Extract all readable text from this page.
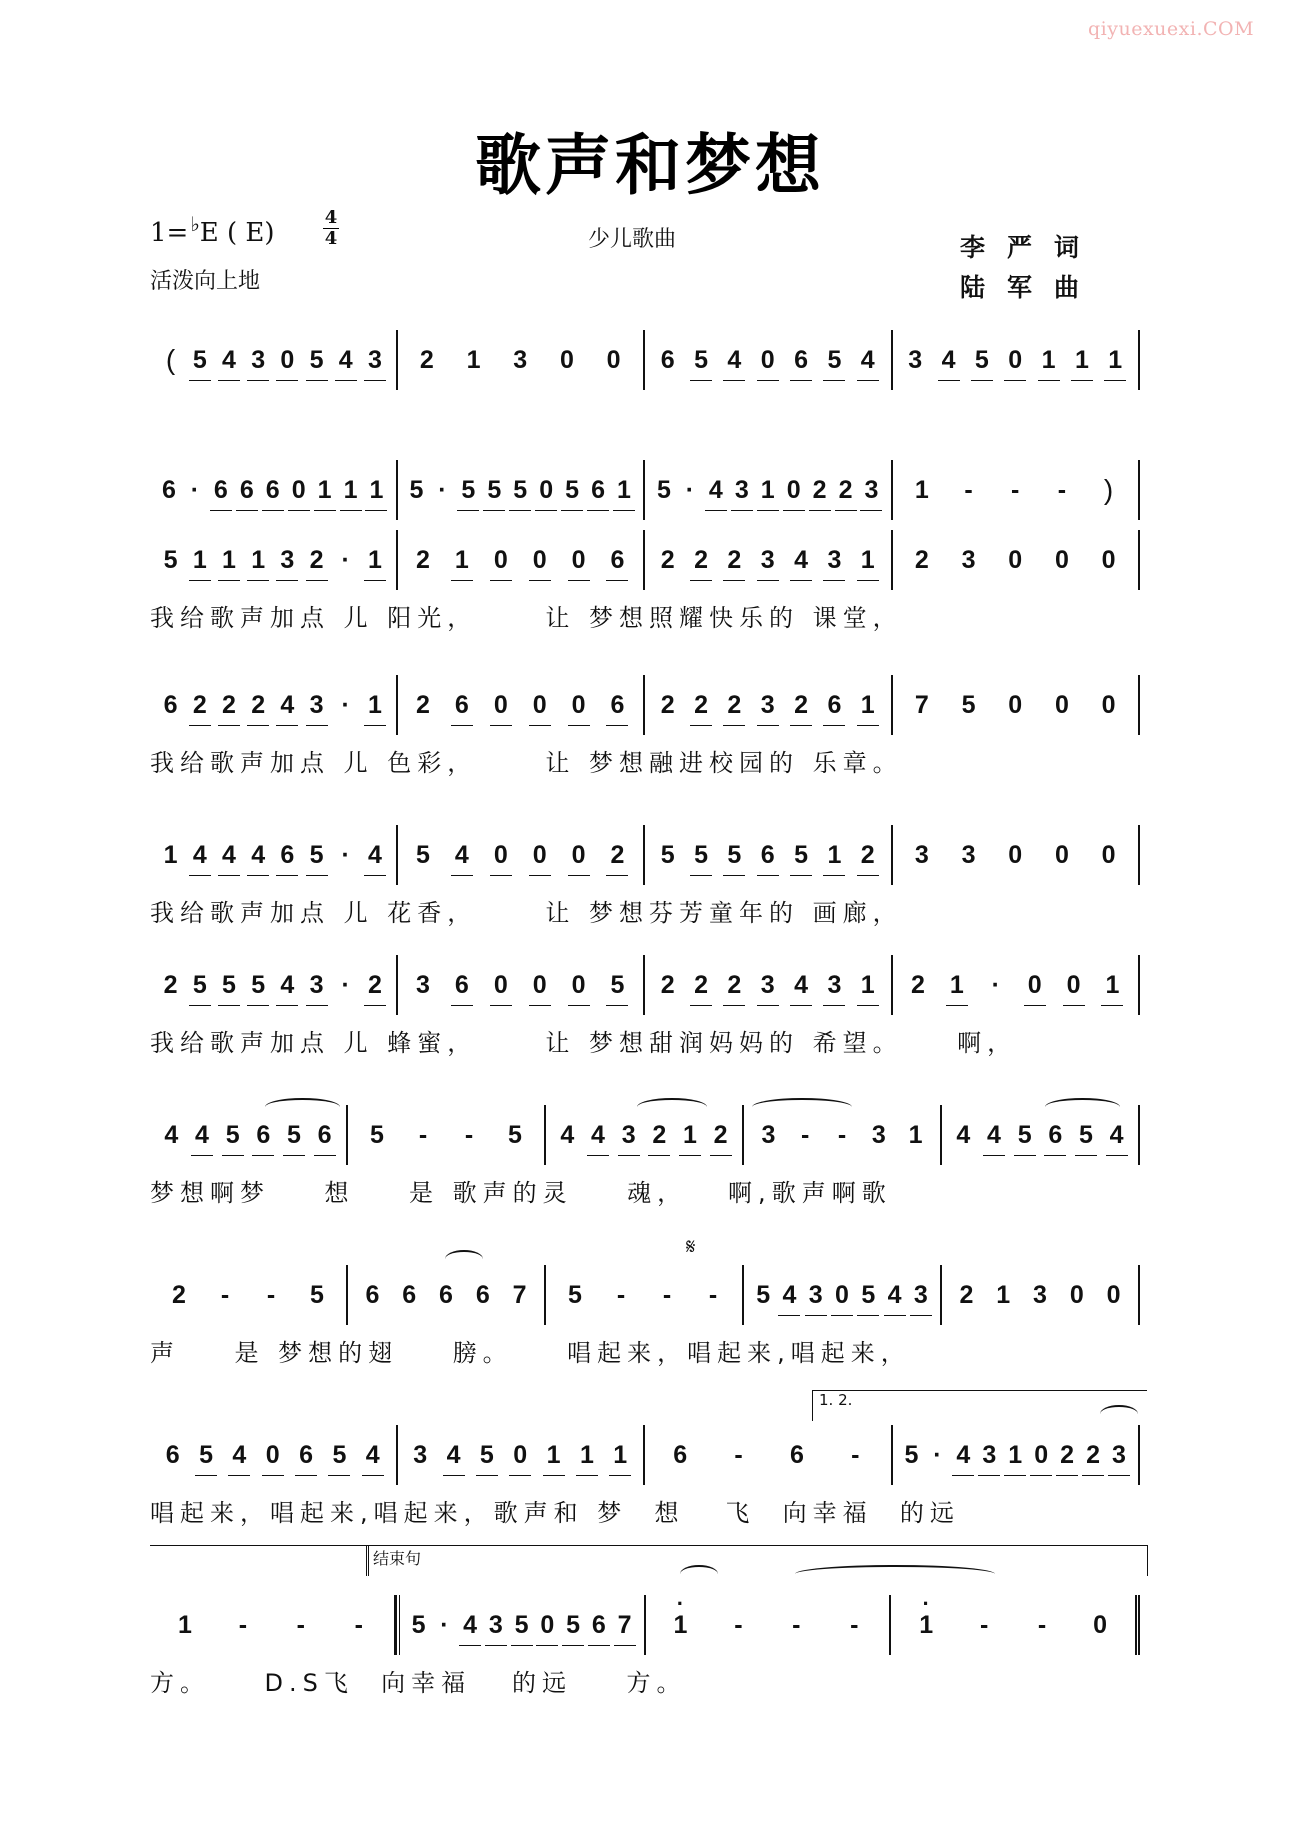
qiyuexuexi.COM
歌声和梦想
1= ♭E ( E)
4
4
活泼向上地
少儿歌曲	李严词
陆军曲
𝄋
1. 2.
结束句
( 5 4 3 0 5 4 3 2 1 3 0 0 6 5 4 0 6 5 4 3 4 5 0 1 1 1
6 · 6 6 6 0 1 1 1 5 · 5 5 5 0 5 6 1 5 · 4 3 1 0 2 2 3 1 - - - )
5 1 1 1 3 2 · 1 2 1 0 0 0 6 2 2 2 3 4 3 1 2 3 0 0 0
我给歌声加点 儿 阳光，     让 梦想照耀快乐的 课堂，
6 2 2 2 4 3 · 1 2 6 0 0 0 6 2 2 2 3 2 6 1 7 5 0 0 0
我给歌声加点 儿 色彩，     让 梦想融进校园的 乐章。
1 4 4 4 6 5 · 4 5 4 0 0 0 2 5 5 5 6 5 1 2 3 3 0 0 0
我给歌声加点 儿 花香，     让 梦想芬芳童年的 画廊，
2 5 5 5 4 3 · 2 3 6 0 0 0 5 2 2 2 3 4 3 1 2 1 · 0 0 1
我给歌声加点 儿 蜂蜜，     让 梦想甜润妈妈的 希望。    啊，
4 4 5 6 5 6 5 - - 5 4 4 3 2 1 2 3 - - 3 1 4 4 5 6 5 4
梦想啊梦    想    是 歌声的灵    魂，   啊,歌声啊歌
2 - - 5 6 6 6 6 7 5 - - - 5 4 3 0 5 4 3 2 1 3 0 0
声    是 梦想的翅    膀。    唱起来，唱起来,唱起来，
6 5 4 0 6 5 4 3 4 5 0 1 1 1 6 - 6 - 5 · 4 3 1 0 2 2 3
唱起来，唱起来,唱起来，歌声和 梦  想   飞  向幸福  的远
1 - - - 5 · 4 3 5 0 5 6 7 · 1 - - - · 1 - - 0
方。    D.S飞  向幸福   的远    方。
